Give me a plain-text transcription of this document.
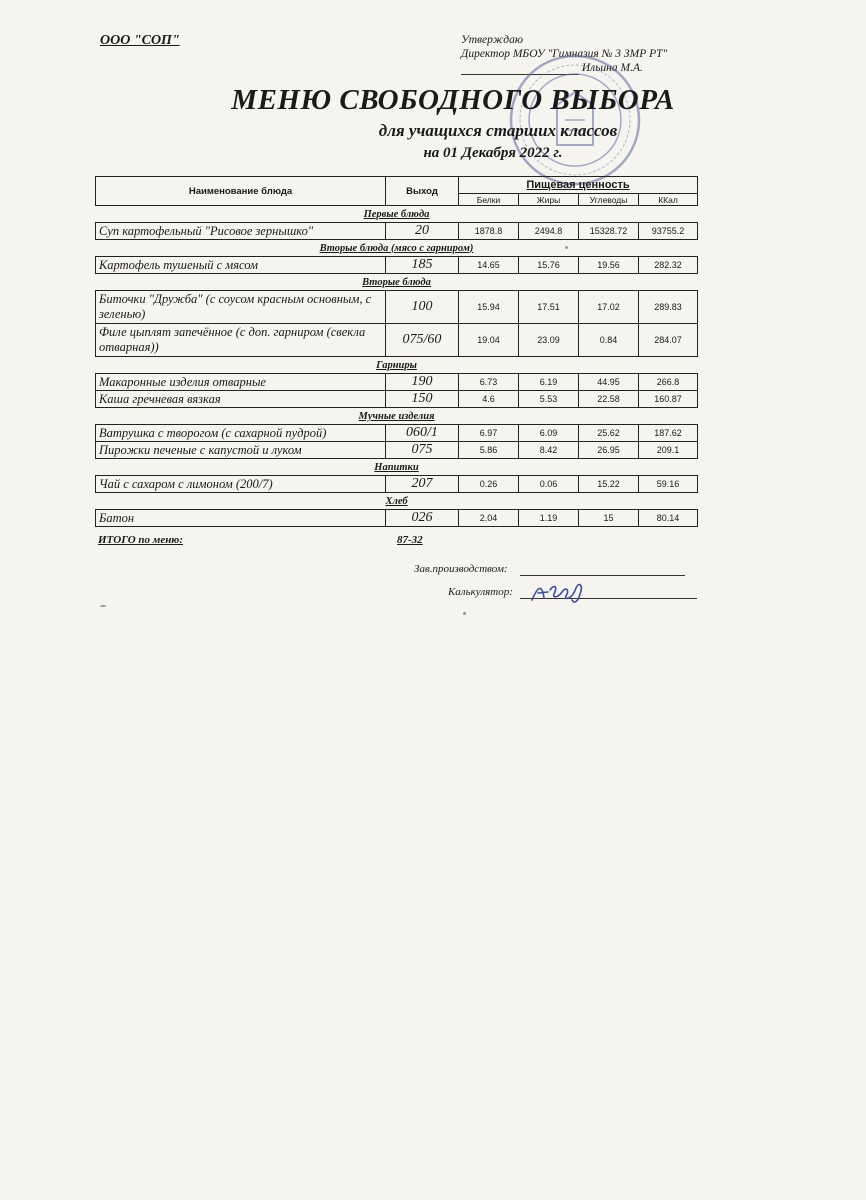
ООО "СОП"	Утверждаю
Директор МБОУ "Гимназия № 3 ЗМР РТ"
Ильина М.А.
МЕНЮ СВОБОДНОГО ВЫБОРА
для учащихся старших классов
на 01 Декабря 2022 г.
Наименование блюда	Выход	Пищевая ценность			
		Белки	Жиры	Углеводы	ККал
Первые блюда					
Суп картофельный "Рисовое зернышко"	20	1878.8	2494.8	15328.72	93755.2
Вторые блюда (мясо с гарниром)					
Картофель тушеный с мясом	185	14.65	15.76	19.56	282.32
Вторые блюда					
Биточки "Дружба" (с соусом красным основным, с зеленью)	100	15.94	17.51	17.02	289.83
Филе цыплят запечённое (с доп. гарниром (свекла отварная))	075/60	19.04	23.09	0.84	284.07
Гарниры					
Макаронные изделия отварные	190	6.73	6.19	44.95	266.8
Каша гречневая вязкая	150	4.6	5.53	22.58	160.87
Мучные изделия					
Ватрушка с творогом (с сахарной пудрой)	060/1	6.97	6.09	25.62	187.62
Пирожки печеные с капустой и луком	075	5.86	8.42	26.95	209.1
Напитки					
Чай с сахаром с лимоном (200/7)	207	0.26	0.06	15.22	59.16
Хлеб					
Батон	026	2.04	1.19	15	80.14
ИТОГО по меню:	87-32
Зав.производством:
Калькулятор:
